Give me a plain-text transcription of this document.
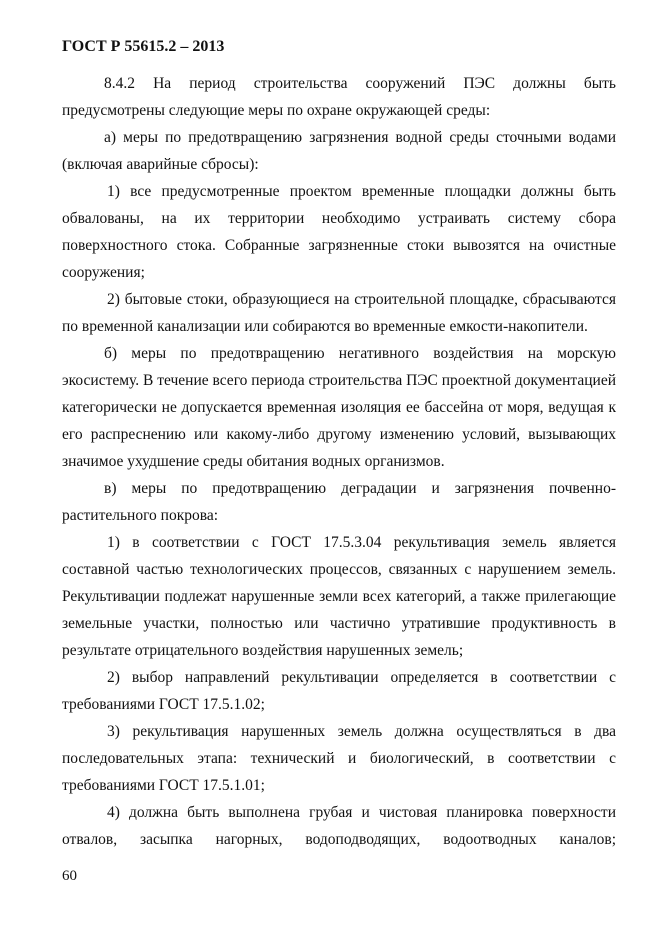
ГОСТ Р 55615.2 – 2013

8.4.2 На период строительства сооружений ПЭС должны быть предусмотрены следующие меры по охране окружающей среды:

а) меры по предотвращению загрязнения водной среды сточными водами (включая аварийные сбросы):

1) все предусмотренные проектом временные площадки должны быть обвалованы, на их территории необходимо устраивать систему сбора поверхностного стока. Собранные загрязненные стоки вывозятся на очистные сооружения;

2) бытовые стоки, образующиеся на строительной площадке, сбрасываются по временной канализации или собираются во временные емкости-накопители.

б) меры по предотвращению негативного воздействия на морскую экосистему. В течение всего периода строительства ПЭС проектной документацией категорически не допускается временная изоляция ее бассейна от моря, ведущая к его распреснению или какому-либо другому изменению условий, вызывающих значимое ухудшение среды обитания водных организмов.

в) меры по предотвращению деградации и загрязнения почвенно-растительного покрова:

1) в соответствии с ГОСТ 17.5.3.04 рекультивация земель является составной частью технологических процессов, связанных с нарушением земель. Рекультивации подлежат нарушенные земли всех категорий, а также прилегающие земельные участки, полностью или частично утратившие продуктивность в результате отрицательного воздействия нарушенных земель;

2) выбор направлений рекультивации определяется в соответствии с требованиями ГОСТ 17.5.1.02;

3) рекультивация нарушенных земель должна осуществляться в два последовательных этапа: технический и биологический, в соответствии с требованиями ГОСТ 17.5.1.01;

4) должна быть выполнена грубая и чистовая планировка поверхности отвалов, засыпка нагорных, водоподводящих, водоотводных каналов;

60
